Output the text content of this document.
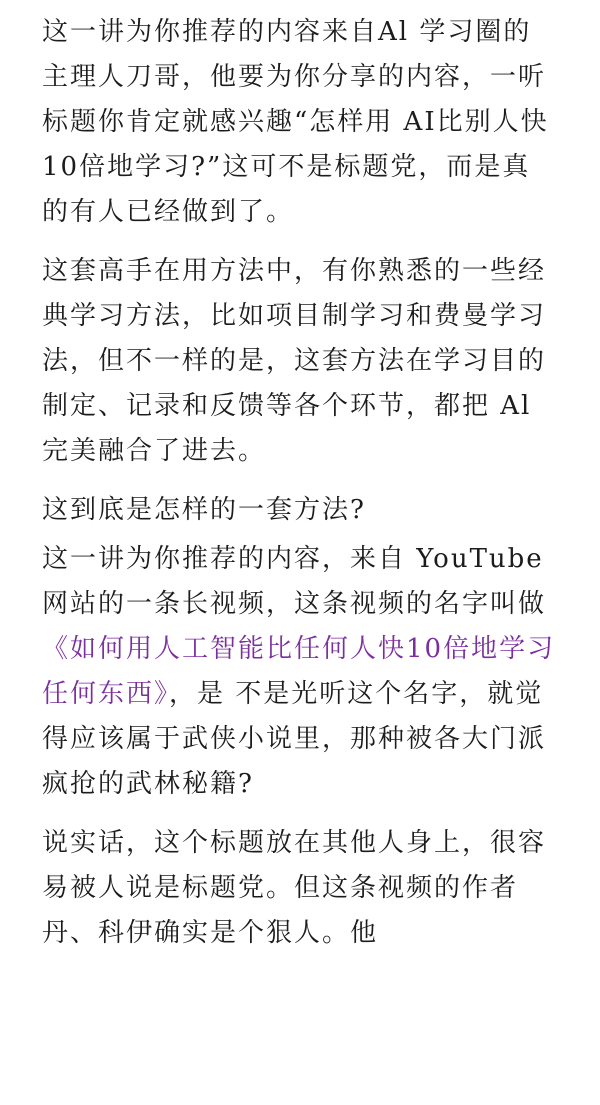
这一讲为你推荐的内容来自Al 学习圈的主理人刀哥，他要为你分享的内容，一听标题你肯定就感兴趣“怎样用 AI比别人快10倍地学习?”这可不是标题党，而是真的有人已经做到了。

这套高手在用方法中，有你熟悉的一些经典学习方法，比如项目制学习和费曼学习法，但不一样的是，这套方法在学习目的制定、记录和反馈等各个环节，都把 Al 完美融合了进去。

这到底是怎样的一套方法?

这一讲为你推荐的内容，来自 YouTube 网站的一条长视频，这条视频的名字叫做《如何用人工智能比任何人快10倍地学习任何东西》，是 不是光听这个名字，就觉得应该属于武侠小说里，那种被各大门派疯抢的武林秘籍?

说实话，这个标题放在其他人身上，很容易被人说是标题党。但这条视频的作者丹、科伊确实是个狠人。他
